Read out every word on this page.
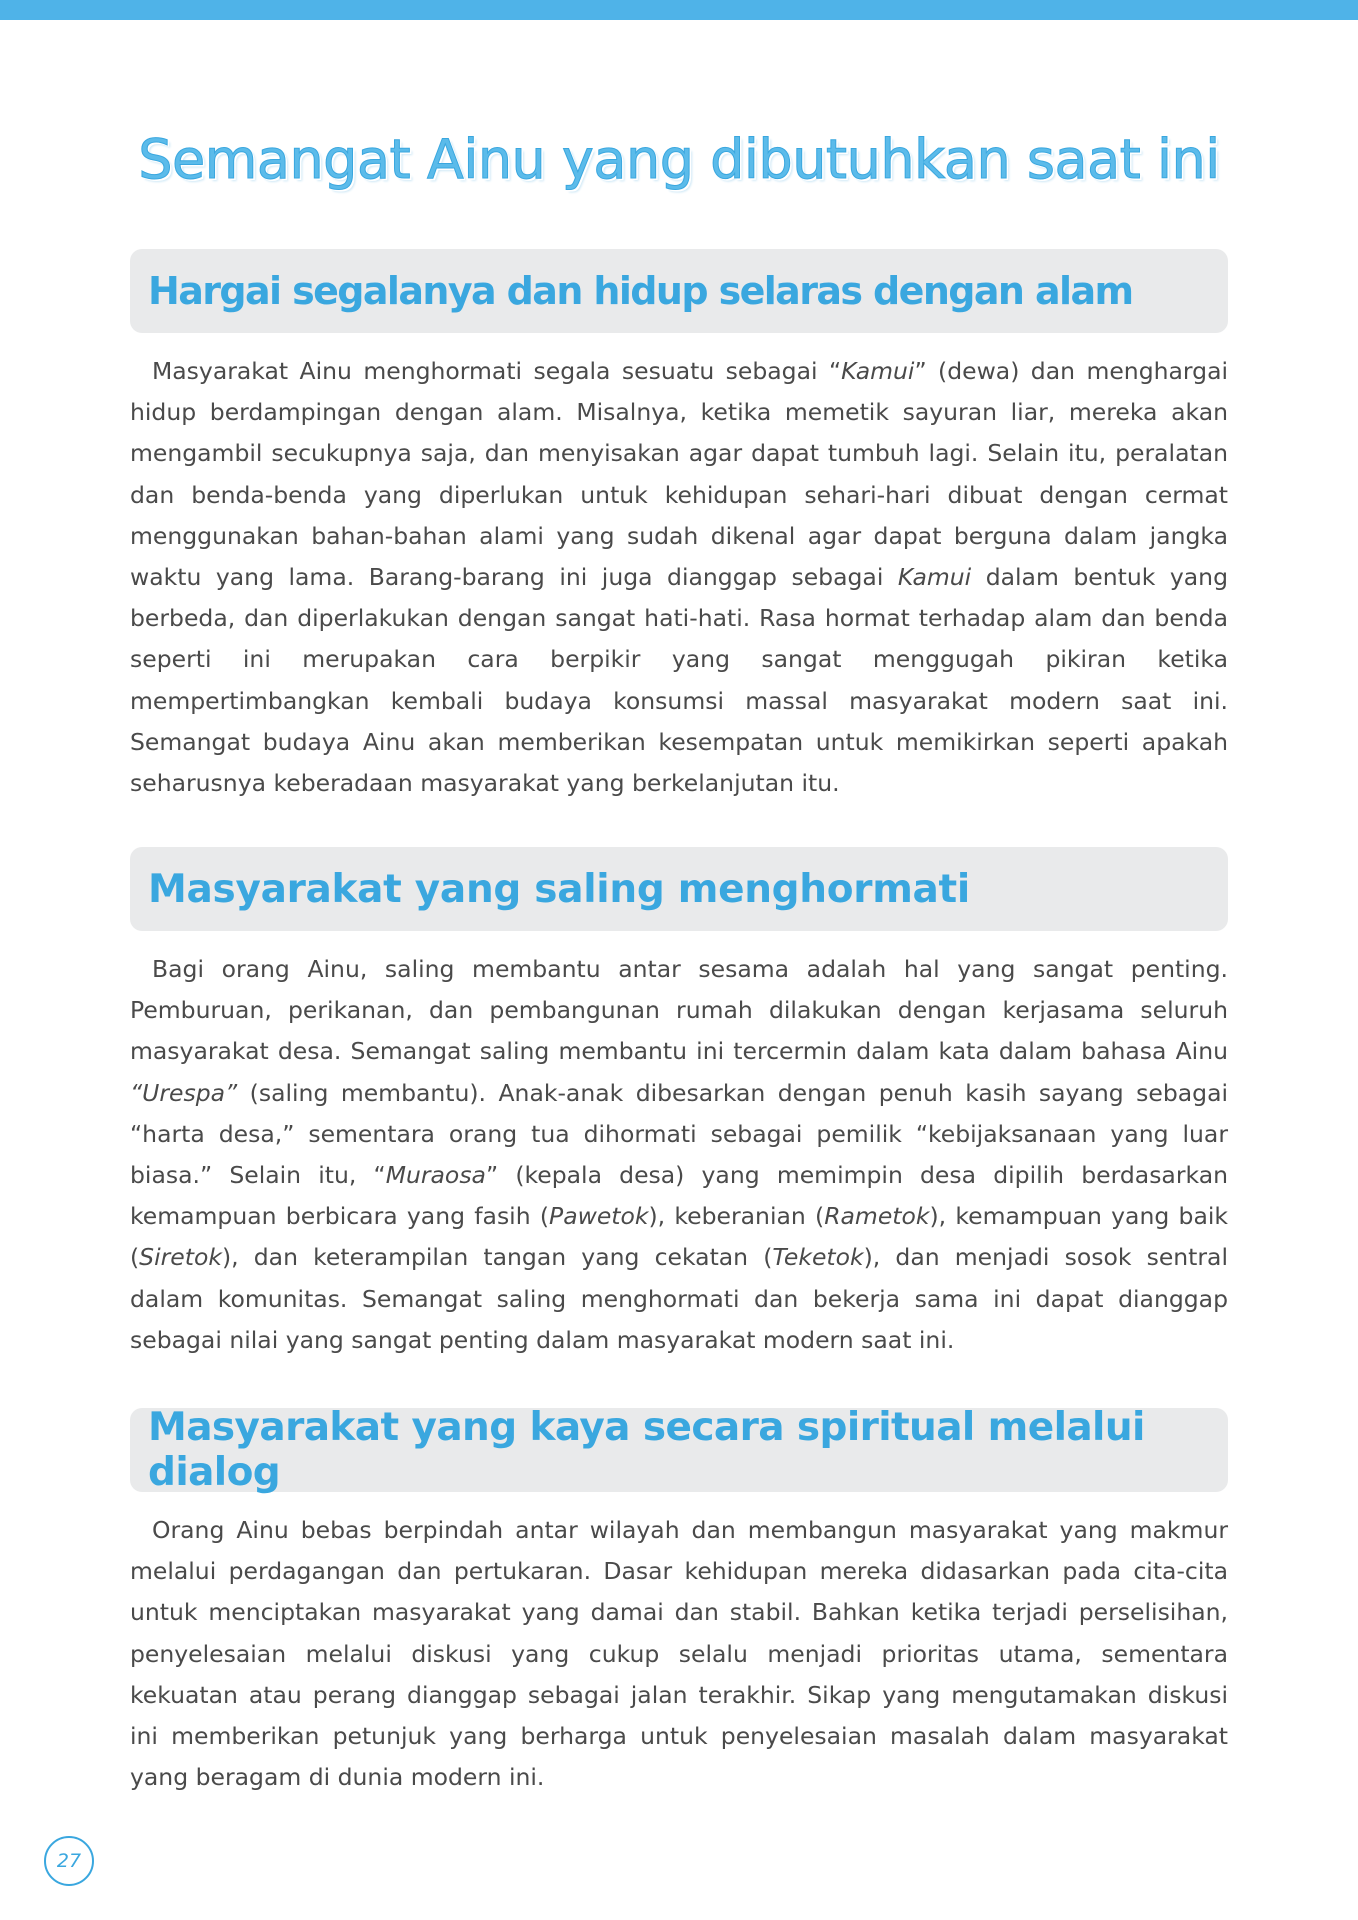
Semangat Ainu yang dibutuhkan saat ini
Hargai segalanya dan hidup selaras dengan alam

Masyarakat Ainu menghormati segala sesuatu sebagai “Kamui” (dewa) dan menghargai hidup berdampingan dengan alam. Misalnya, ketika memetik sayuran liar, mereka akan mengambil secukupnya saja, dan menyisakan agar dapat tumbuh lagi. Selain itu, peralatan dan benda-benda yang diperlukan untuk kehidupan sehari-hari dibuat dengan cermat menggunakan bahan-bahan alami yang sudah dikenal agar dapat berguna dalam jangka waktu yang lama. Barang-barang ini juga dianggap sebagai Kamui dalam bentuk yang berbeda, dan diperlakukan dengan sangat hati-hati. Rasa hormat terhadap alam dan benda seperti ini merupakan cara berpikir yang sangat menggugah pikiran ketika mempertimbangkan kembali budaya konsumsi massal masyarakat modern saat ini. Semangat budaya Ainu akan memberikan kesempatan untuk memikirkan seperti apakah seharusnya keberadaan masyarakat yang berkelanjutan itu.

Masyarakat yang saling menghormati

Bagi orang Ainu, saling membantu antar sesama adalah hal yang sangat penting. Pemburuan, perikanan, dan pembangunan rumah dilakukan dengan kerjasama seluruh masyarakat desa. Semangat saling membantu ini tercermin dalam kata dalam bahasa Ainu “Urespa” (saling membantu). Anak-anak dibesarkan dengan penuh kasih sayang sebagai “harta desa,” sementara orang tua dihormati sebagai pemilik “kebijaksanaan yang luar biasa.” Selain itu, “Muraosa” (kepala desa) yang memimpin desa dipilih berdasarkan kemampuan berbicara yang fasih (Pawetok), keberanian (Rametok), kemampuan yang baik (Siretok), dan keterampilan tangan yang cekatan (Teketok), dan menjadi sosok sentral dalam komunitas. Semangat saling menghormati dan bekerja sama ini dapat dianggap sebagai nilai yang sangat penting dalam masyarakat modern saat ini.

Masyarakat yang kaya secara spiritual melalui dialog

Orang Ainu bebas berpindah antar wilayah dan membangun masyarakat yang makmur melalui perdagangan dan pertukaran. Dasar kehidupan mereka didasarkan pada cita-cita untuk menciptakan masyarakat yang damai dan stabil. Bahkan ketika terjadi perselisihan, penyelesaian melalui diskusi yang cukup selalu menjadi prioritas utama, sementara kekuatan atau perang dianggap sebagai jalan terakhir. Sikap yang mengutamakan diskusi ini memberikan petunjuk yang berharga untuk penyelesaian masalah dalam masyarakat yang beragam di dunia modern ini.

27
